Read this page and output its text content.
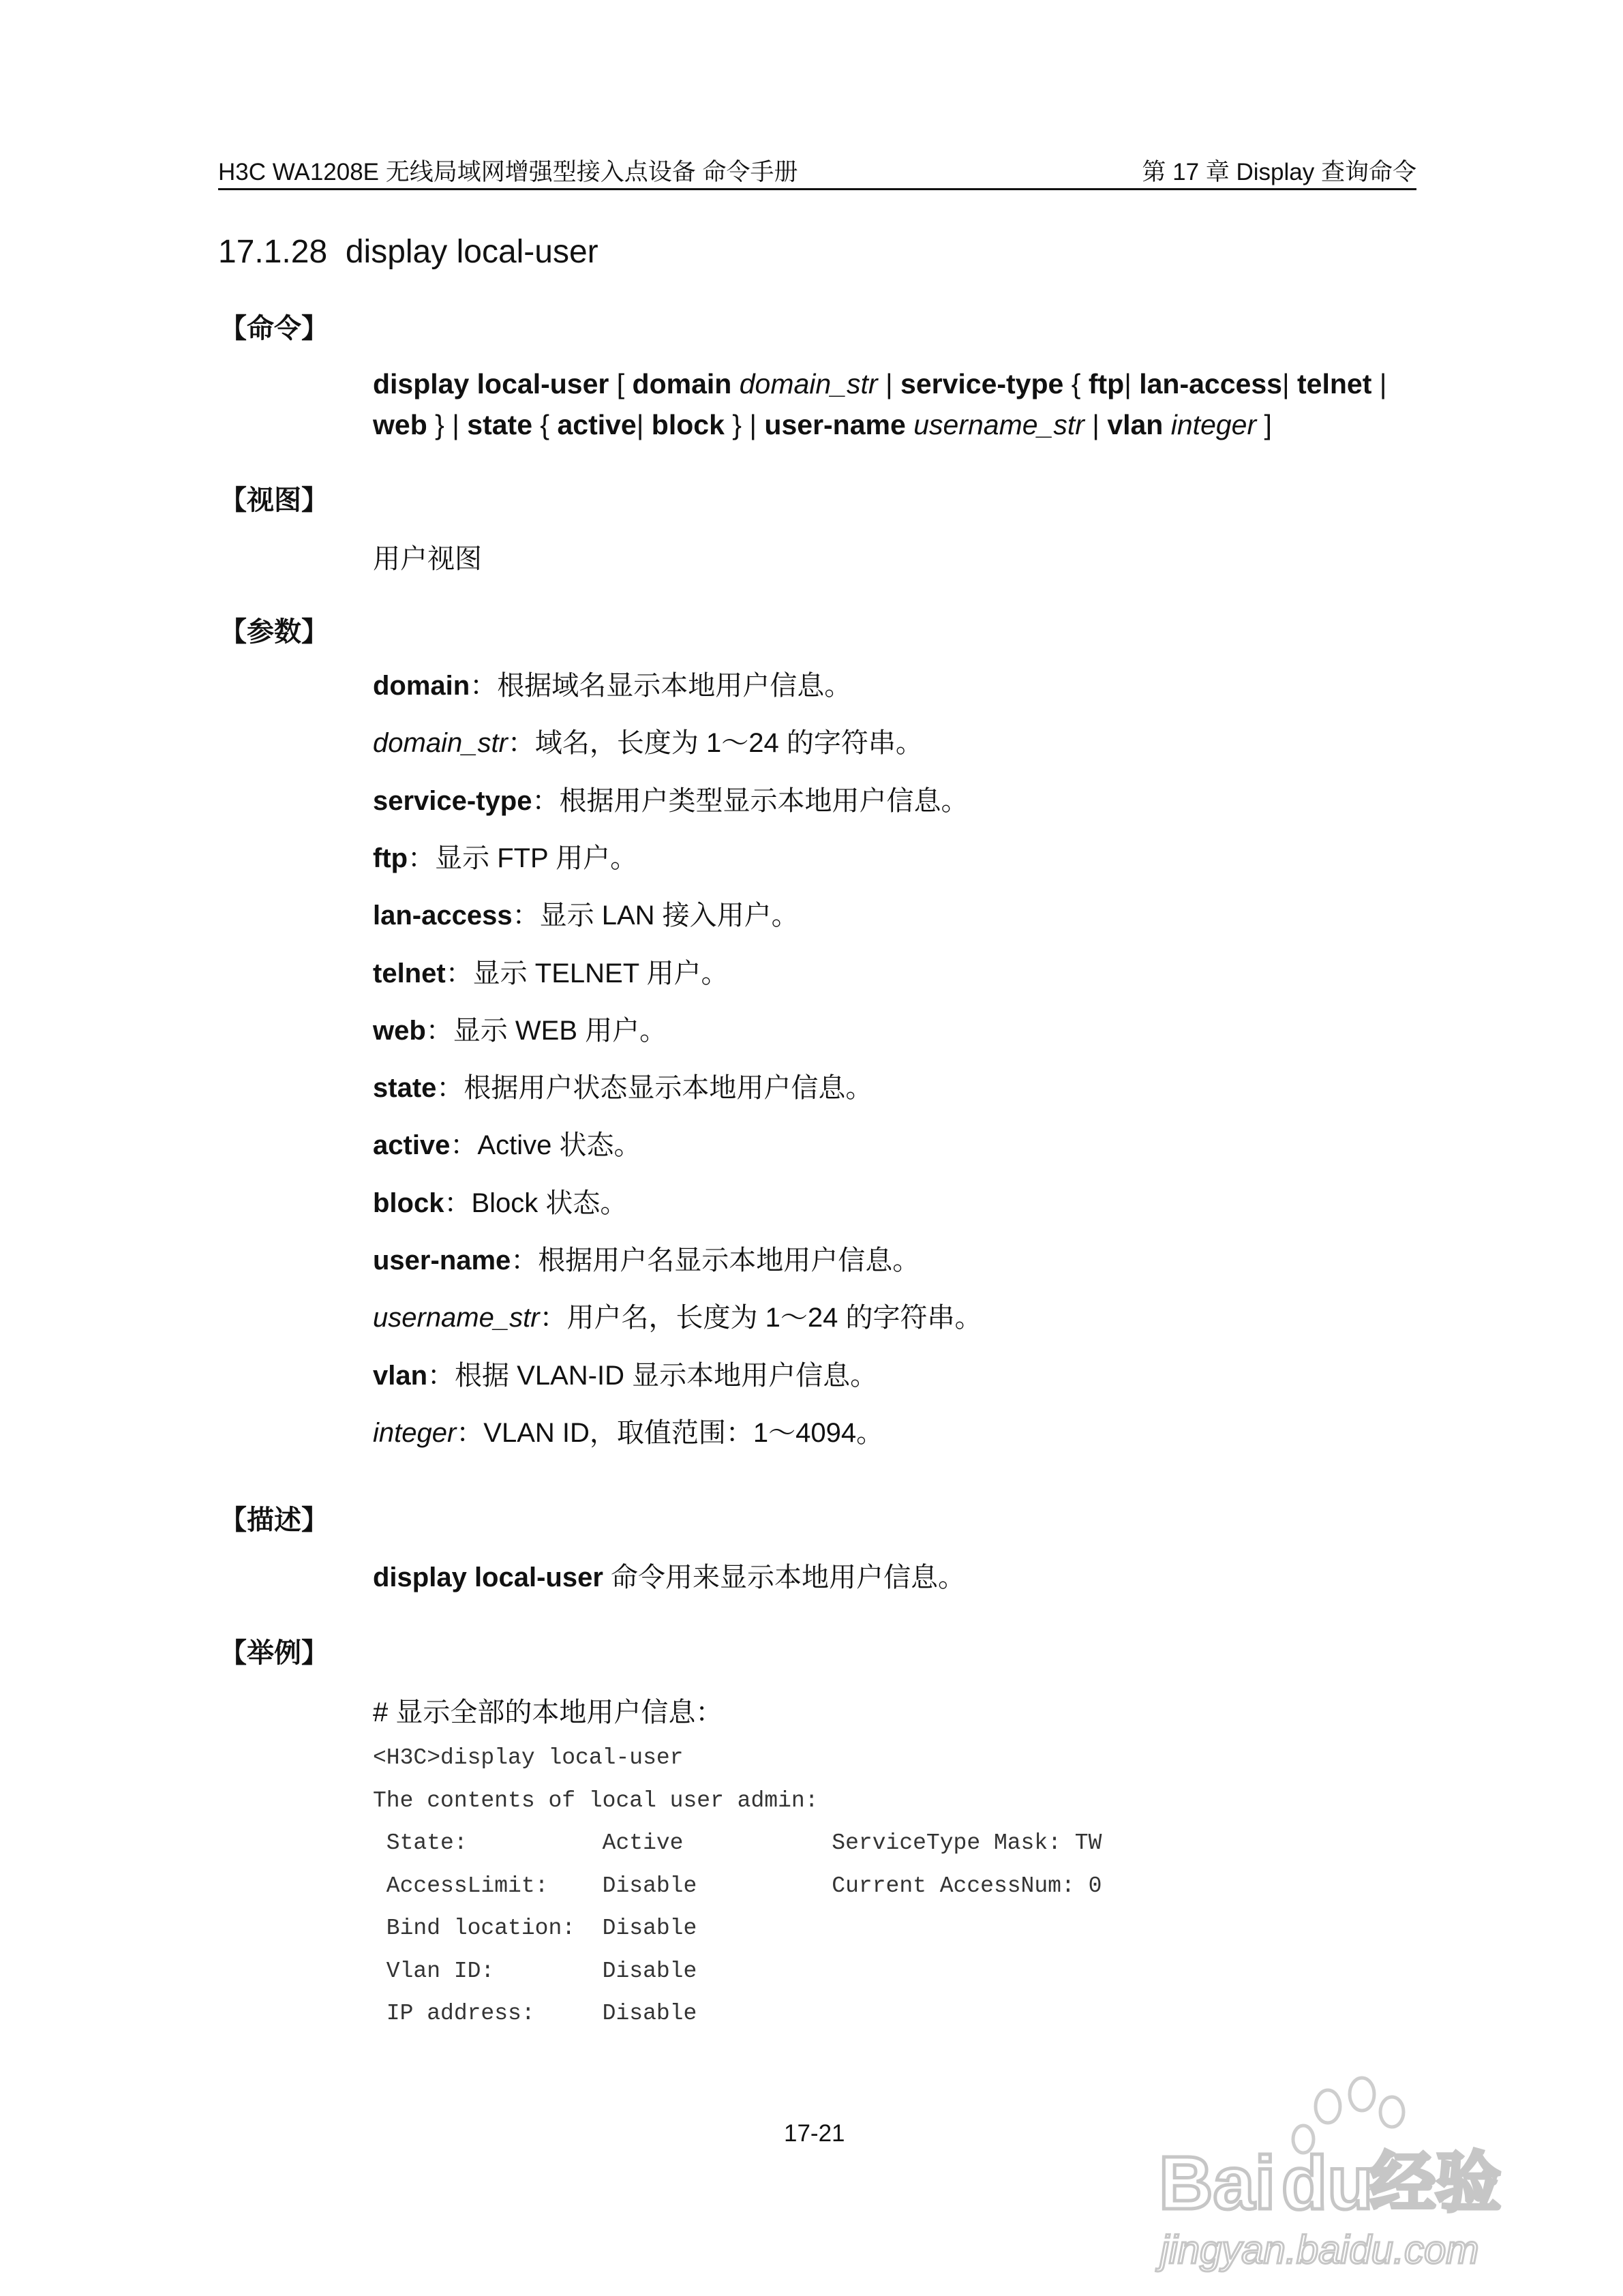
H3C WA1208E 无线局域网增强型接入点设备 命令手册	第 17 章 Display 查询命令
17.1.28 display local-user
【命令】
display local-user [ domain domain_str | service-type { ftp| lan-access| telnet |
web } | state { active| block } | user-name username_str | vlan integer ]
【视图】
用户视图
【参数】
domain：根据域名显示本地用户信息。
domain_str：域名，长度为 1～24 的字符串。
service-type：根据用户类型显示本地用户信息。
ftp：显示 FTP 用户。
lan-access：显示 LAN 接入用户。
telnet：显示 TELNET 用户。
web：显示 WEB 用户。
state：根据用户状态显示本地用户信息。
active：Active 状态。
block：Block 状态。
user-name：根据用户名显示本地用户信息。
username_str：用户名，长度为 1～24 的字符串。
vlan：根据 VLAN-ID 显示本地用户信息。
integer：VLAN ID，取值范围：1～4094。
【描述】
display local-user 命令用来显示本地用户信息。
【举例】
# 显示全部的本地用户信息：
<H3C>display local-user
The contents of local user admin:
State:          Active           ServiceType Mask: TW
AccessLimit:    Disable          Current AccessNum: 0
Bind location:  Disable
Vlan ID:        Disable
IP address:     Disable
17-21
Bai du
经验
jingyan.baidu.com
